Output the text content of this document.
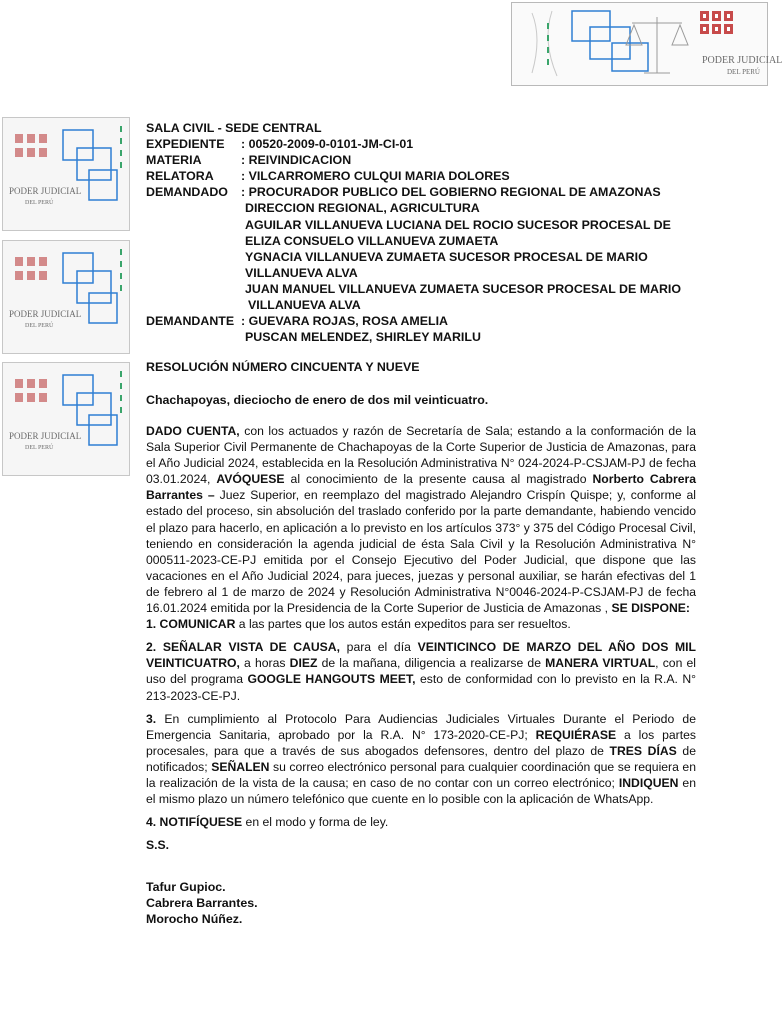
PODER JUDICIAL
DEL PERÚ
PODER JUDICIAL
DEL PERÚ
PODER JUDICIAL
DEL PERÚ
PODER JUDICIAL
DEL PERÚ
SALA CIVIL - SEDE CENTRAL
EXPEDIENTE	: 00520-2009-0-0101-JM-CI-01
MATERIA	: REIVINDICACION
RELATORA	: VILCARROMERO CULQUI MARIA DOLORES
DEMANDADO	: PROCURADOR PUBLICO DEL GOBIERNO REGIONAL DE AMAZONAS
DIRECCION REGIONAL, AGRICULTURA
AGUILAR VILLANUEVA LUCIANA DEL ROCIO SUCESOR PROCESAL DE
ELIZA CONSUELO VILLANUEVA ZUMAETA
YGNACIA VILLANUEVA ZUMAETA SUCESOR PROCESAL DE MARIO
VILLANUEVA ALVA
JUAN MANUEL VILLANUEVA ZUMAETA SUCESOR PROCESAL DE MARIO
VILLANUEVA ALVA
DEMANDANTE : GUEVARA ROJAS, ROSA AMELIA
PUSCAN MELENDEZ, SHIRLEY MARILU
RESOLUCIÓN NÚMERO CINCUENTA Y NUEVE
Chachapoyas, dieciocho de enero de dos mil veinticuatro.

DADO CUENTA, con los actuados y razón de Secretaría de Sala; estando a la conformación de la Sala Superior Civil Permanente de Chachapoyas de la Corte Superior de Justicia de Amazonas, para el Año Judicial 2024, establecida en la Resolución Administrativa N° 024-2024-P-CSJAM-PJ de fecha 03.01.2024, AVÓQUESE al conocimiento de la presente causa al magistrado Norberto Cabrera Barrantes – Juez Superior, en reemplazo del magistrado Alejandro Crispín Quispe; y, conforme al estado del proceso, sin absolución del traslado conferido por la parte demandante, habiendo vencido el plazo para hacerlo, en aplicación a lo previsto en los artículos 373° y 375 del Código Procesal Civil, teniendo en consideración la agenda judicial de ésta Sala Civil y la Resolución Administrativa N° 000511-2023-CE-PJ emitida por el Consejo Ejecutivo del Poder Judicial, que dispone que las vacaciones en el Año Judicial 2024, para jueces, juezas y personal auxiliar, se harán efectivas del 1 de febrero al 1 de marzo de 2024 y Resolución Administrativa N°0046-2024-P-CSJAM-PJ de fecha 16.01.2024 emitida por la Presidencia de la Corte Superior de Justicia de Amazonas , SE DISPONE:

1. COMUNICAR a las partes que los autos están expeditos para ser resueltos.

2. SEÑALAR VISTA DE CAUSA, para el día VEINTICINCO DE MARZO DEL AÑO DOS MIL VEINTICUATRO, a horas DIEZ de la mañana, diligencia a realizarse de MANERA VIRTUAL, con el uso del programa GOOGLE HANGOUTS MEET, esto de conformidad con lo previsto en la R.A. N° 213-2023-CE-PJ.

3. En cumplimiento al Protocolo Para Audiencias Judiciales Virtuales Durante el Periodo de Emergencia Sanitaria, aprobado por la R.A. N° 173-2020-CE-PJ; REQUIÉRASE a los partes procesales, para que a través de sus abogados defensores, dentro del plazo de TRES DÍAS de notificados; SEÑALEN su correo electrónico personal para cualquier coordinación que se requiera en la realización de la vista de la causa; en caso de no contar con un correo electrónico; INDIQUEN en el mismo plazo un número telefónico que cuente en lo posible con la aplicación de WhatsApp.

4. NOTIFÍQUESE en el modo y forma de ley.

S.S.

Tafur Gupioc.
Cabrera Barrantes.
Morocho Núñez.
